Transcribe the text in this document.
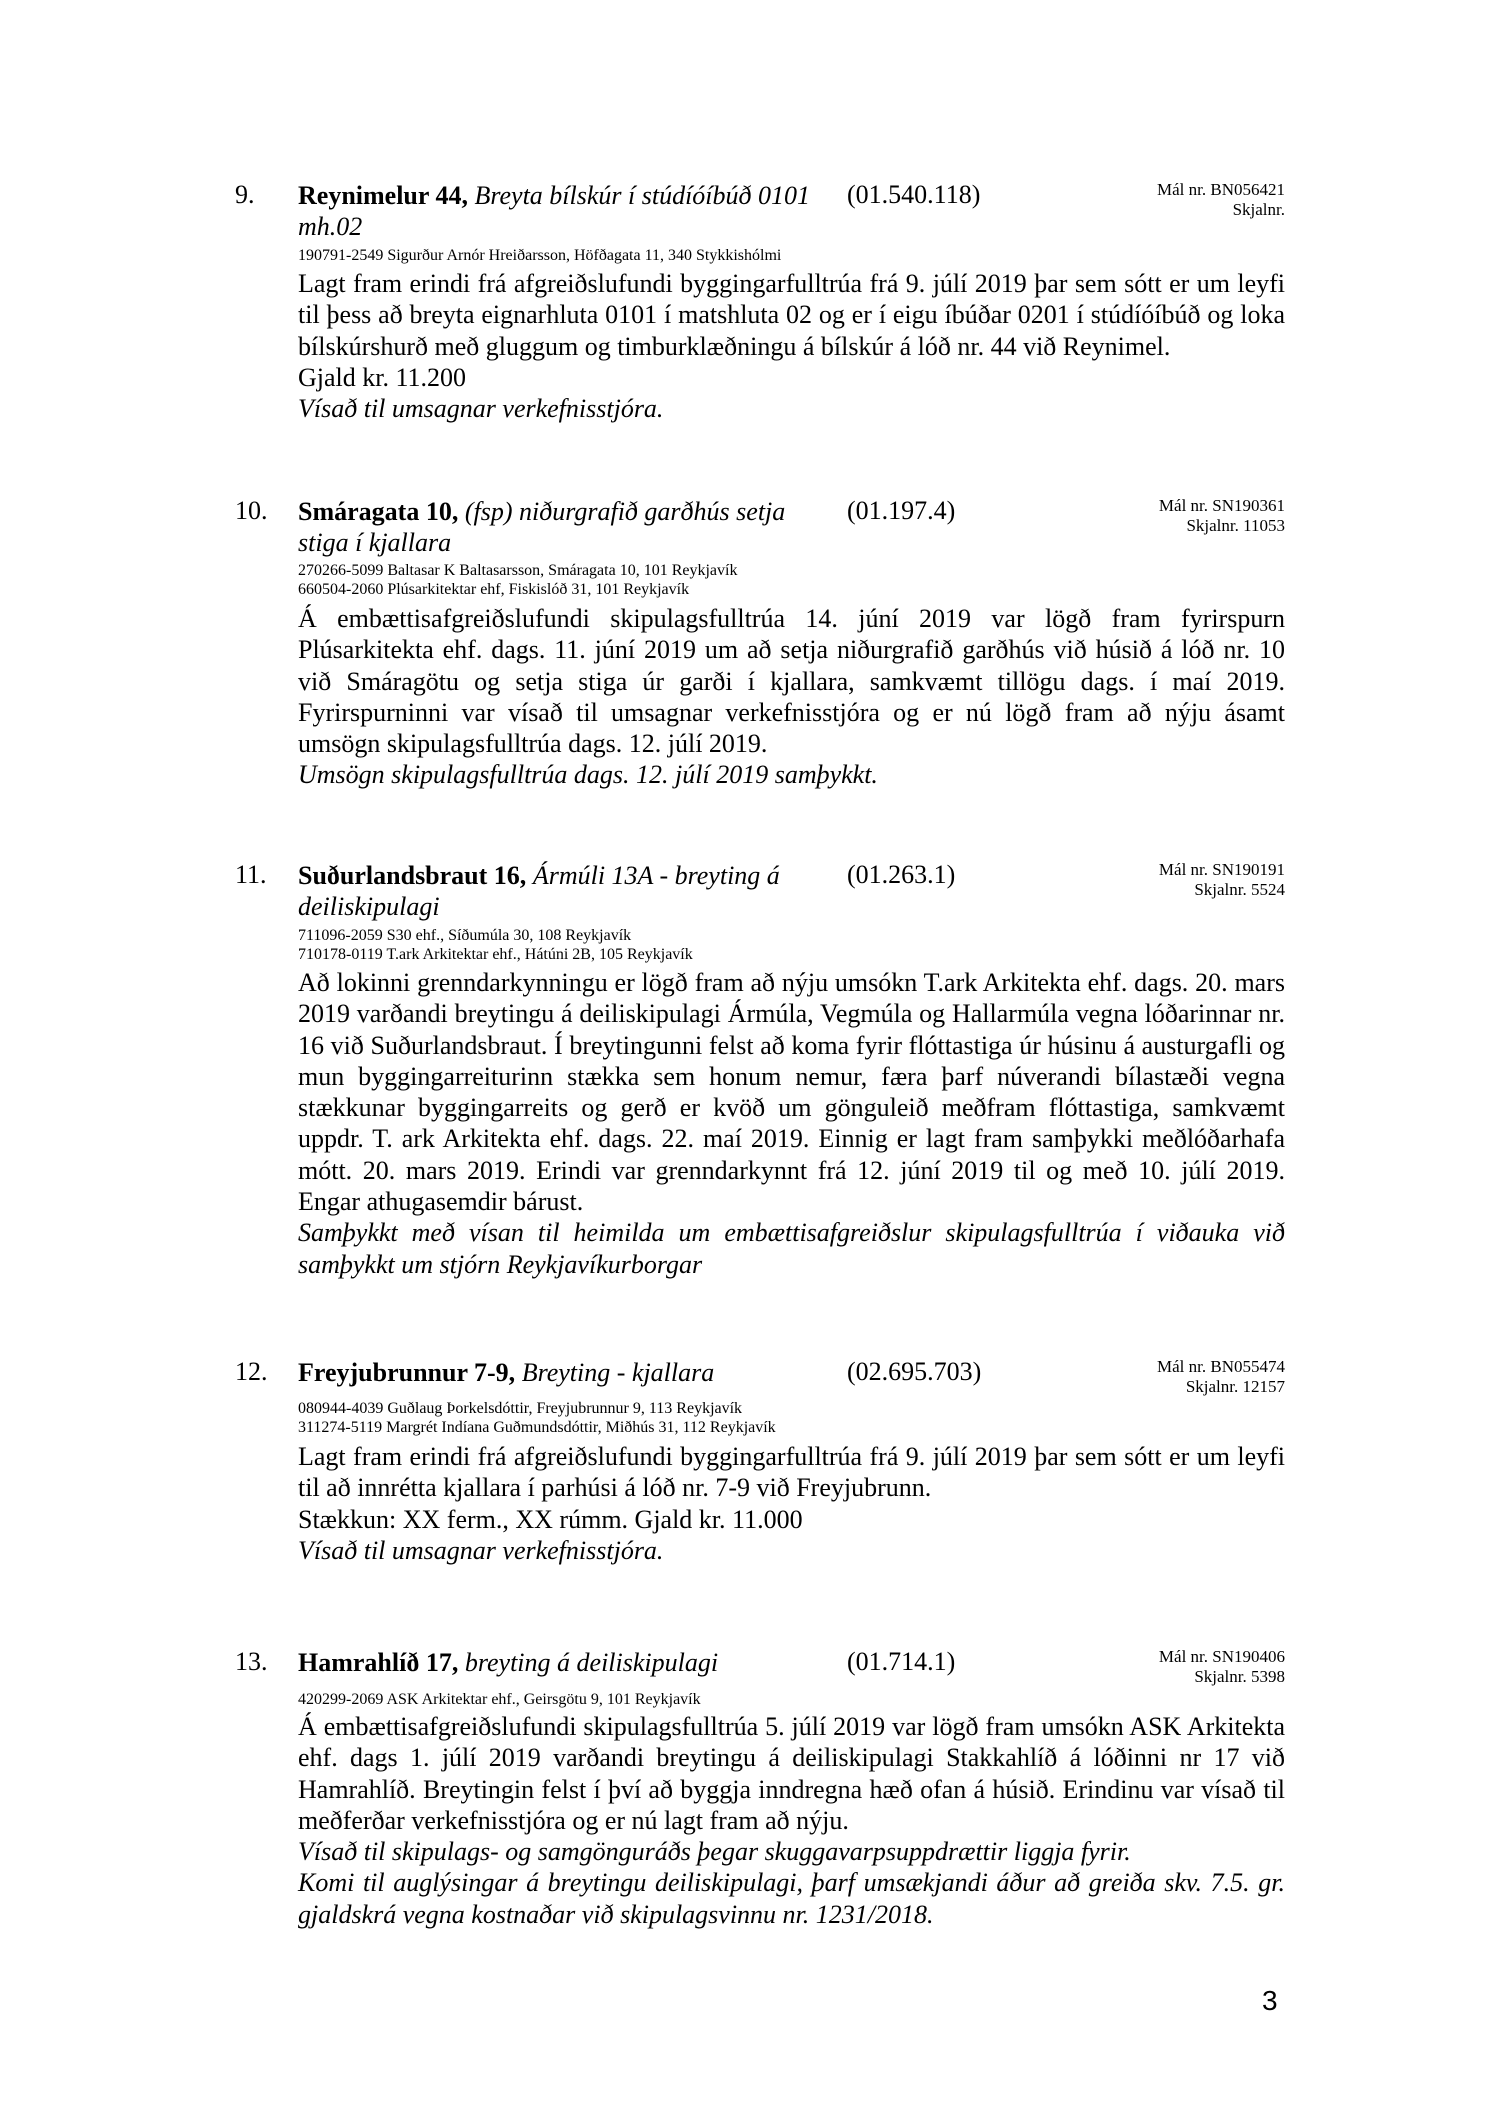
9. Reynimelur 44, Breyta bílskúr í stúdíóíbúð 0101 mh.02
(01.540.118)	Mál nr. BN056421
Skjalnr.
190791-2549 Sigurður Arnór Hreiðarsson, Höfðagata 11, 340 Stykkishólmi

Lagt fram erindi frá afgreiðslufundi byggingarfulltrúa frá 9. júlí 2019 þar sem sótt er um leyfi til þess að breyta eignarhluta 0101 í matshluta 02 og er í eigu íbúðar 0201 í stúdíóíbúð og loka bílskúrshurð með gluggum og timburklæðningu á bílskúr á lóð nr. 44 við Reynimel.

Gjald kr. 11.200

Vísað til umsagnar verkefnisstjóra.

10. Smáragata 10, (fsp) niðurgrafið garðhús setja stiga í kjallara
(01.197.4)	Mál nr. SN190361
Skjalnr. 11053
270266-5099 Baltasar K Baltasarsson, Smáragata 10, 101 Reykjavík
660504-2060 Plúsarkitektar ehf, Fiskislóð 31, 101 Reykjavík

Á embættisafgreiðslufundi skipulagsfulltrúa 14. júní 2019 var lögð fram fyrirspurn Plúsarkitekta ehf. dags. 11. júní 2019 um að setja niðurgrafið garðhús við húsið á lóð nr. 10 við Smáragötu og setja stiga úr garði í kjallara, samkvæmt tillögu dags. í maí 2019. Fyrirspurninni var vísað til umsagnar verkefnisstjóra og er nú lögð fram að nýju ásamt umsögn skipulagsfulltrúa dags. 12. júlí 2019.

Umsögn skipulagsfulltrúa dags. 12. júlí 2019 samþykkt.

11. Suðurlandsbraut 16, Ármúli 13A - breyting á deiliskipulagi
(01.263.1)	Mál nr. SN190191
Skjalnr. 5524
711096-2059 S30 ehf., Síðumúla 30, 108 Reykjavík
710178-0119 T.ark Arkitektar ehf., Hátúni 2B, 105 Reykjavík

Að lokinni grenndarkynningu er lögð fram að nýju umsókn T.ark Arkitekta ehf. dags. 20. mars 2019 varðandi breytingu á deiliskipulagi Ármúla, Vegmúla og Hallarmúla vegna lóðarinnar nr. 16 við Suðurlandsbraut. Í breytingunni felst að koma fyrir flóttastiga úr húsinu á austurgafli og mun byggingarreiturinn stækka sem honum nemur, færa þarf núverandi bílastæði vegna stækkunar byggingarreits og gerð er kvöð um gönguleið meðfram flóttastiga, samkvæmt uppdr. T. ark Arkitekta ehf. dags. 22. maí 2019. Einnig er lagt fram samþykki meðlóðarhafa mótt. 20. mars 2019. Erindi var grenndarkynnt frá 12. júní 2019 til og með 10. júlí 2019. Engar athugasemdir bárust.

Samþykkt með vísan til heimilda um embættisafgreiðslur skipulagsfulltrúa í viðauka við samþykkt um stjórn Reykjavíkurborgar

12. Freyjubrunnur 7-9, Breyting - kjallara	(02.695.703)	Mál nr. BN055474
Skjalnr. 12157
080944-4039 Guðlaug Þorkelsdóttir, Freyjubrunnur 9, 113 Reykjavík
311274-5119 Margrét Indíana Guðmundsdóttir, Miðhús 31, 112 Reykjavík

Lagt fram erindi frá afgreiðslufundi byggingarfulltrúa frá 9. júlí 2019 þar sem sótt er um leyfi til að innrétta kjallara í parhúsi á lóð nr. 7-9 við Freyjubrunn.

Stækkun: XX ferm., XX rúmm. Gjald kr. 11.000

Vísað til umsagnar verkefnisstjóra.

13. Hamrahlíð 17, breyting á deiliskipulagi	(01.714.1)	Mál nr. SN190406
Skjalnr. 5398
420299-2069 ASK Arkitektar ehf., Geirsgötu 9, 101 Reykjavík

Á embættisafgreiðslufundi skipulagsfulltrúa 5. júlí 2019 var lögð fram umsókn ASK Arkitekta ehf. dags 1. júlí 2019 varðandi breytingu á deiliskipulagi Stakkahlíð á lóðinni nr 17 við Hamrahlíð. Breytingin felst í því að byggja inndregna hæð ofan á húsið. Erindinu var vísað til meðferðar verkefnisstjóra og er nú lagt fram að nýju.

Vísað til skipulags- og samgönguráðs þegar skuggavarpsuppdrættir liggja fyrir.

Komi til auglýsingar á breytingu deiliskipulagi, þarf umsækjandi áður að greiða skv. 7.5. gr. gjaldskrá vegna kostnaðar við skipulagsvinnu nr. 1231/2018.

3
